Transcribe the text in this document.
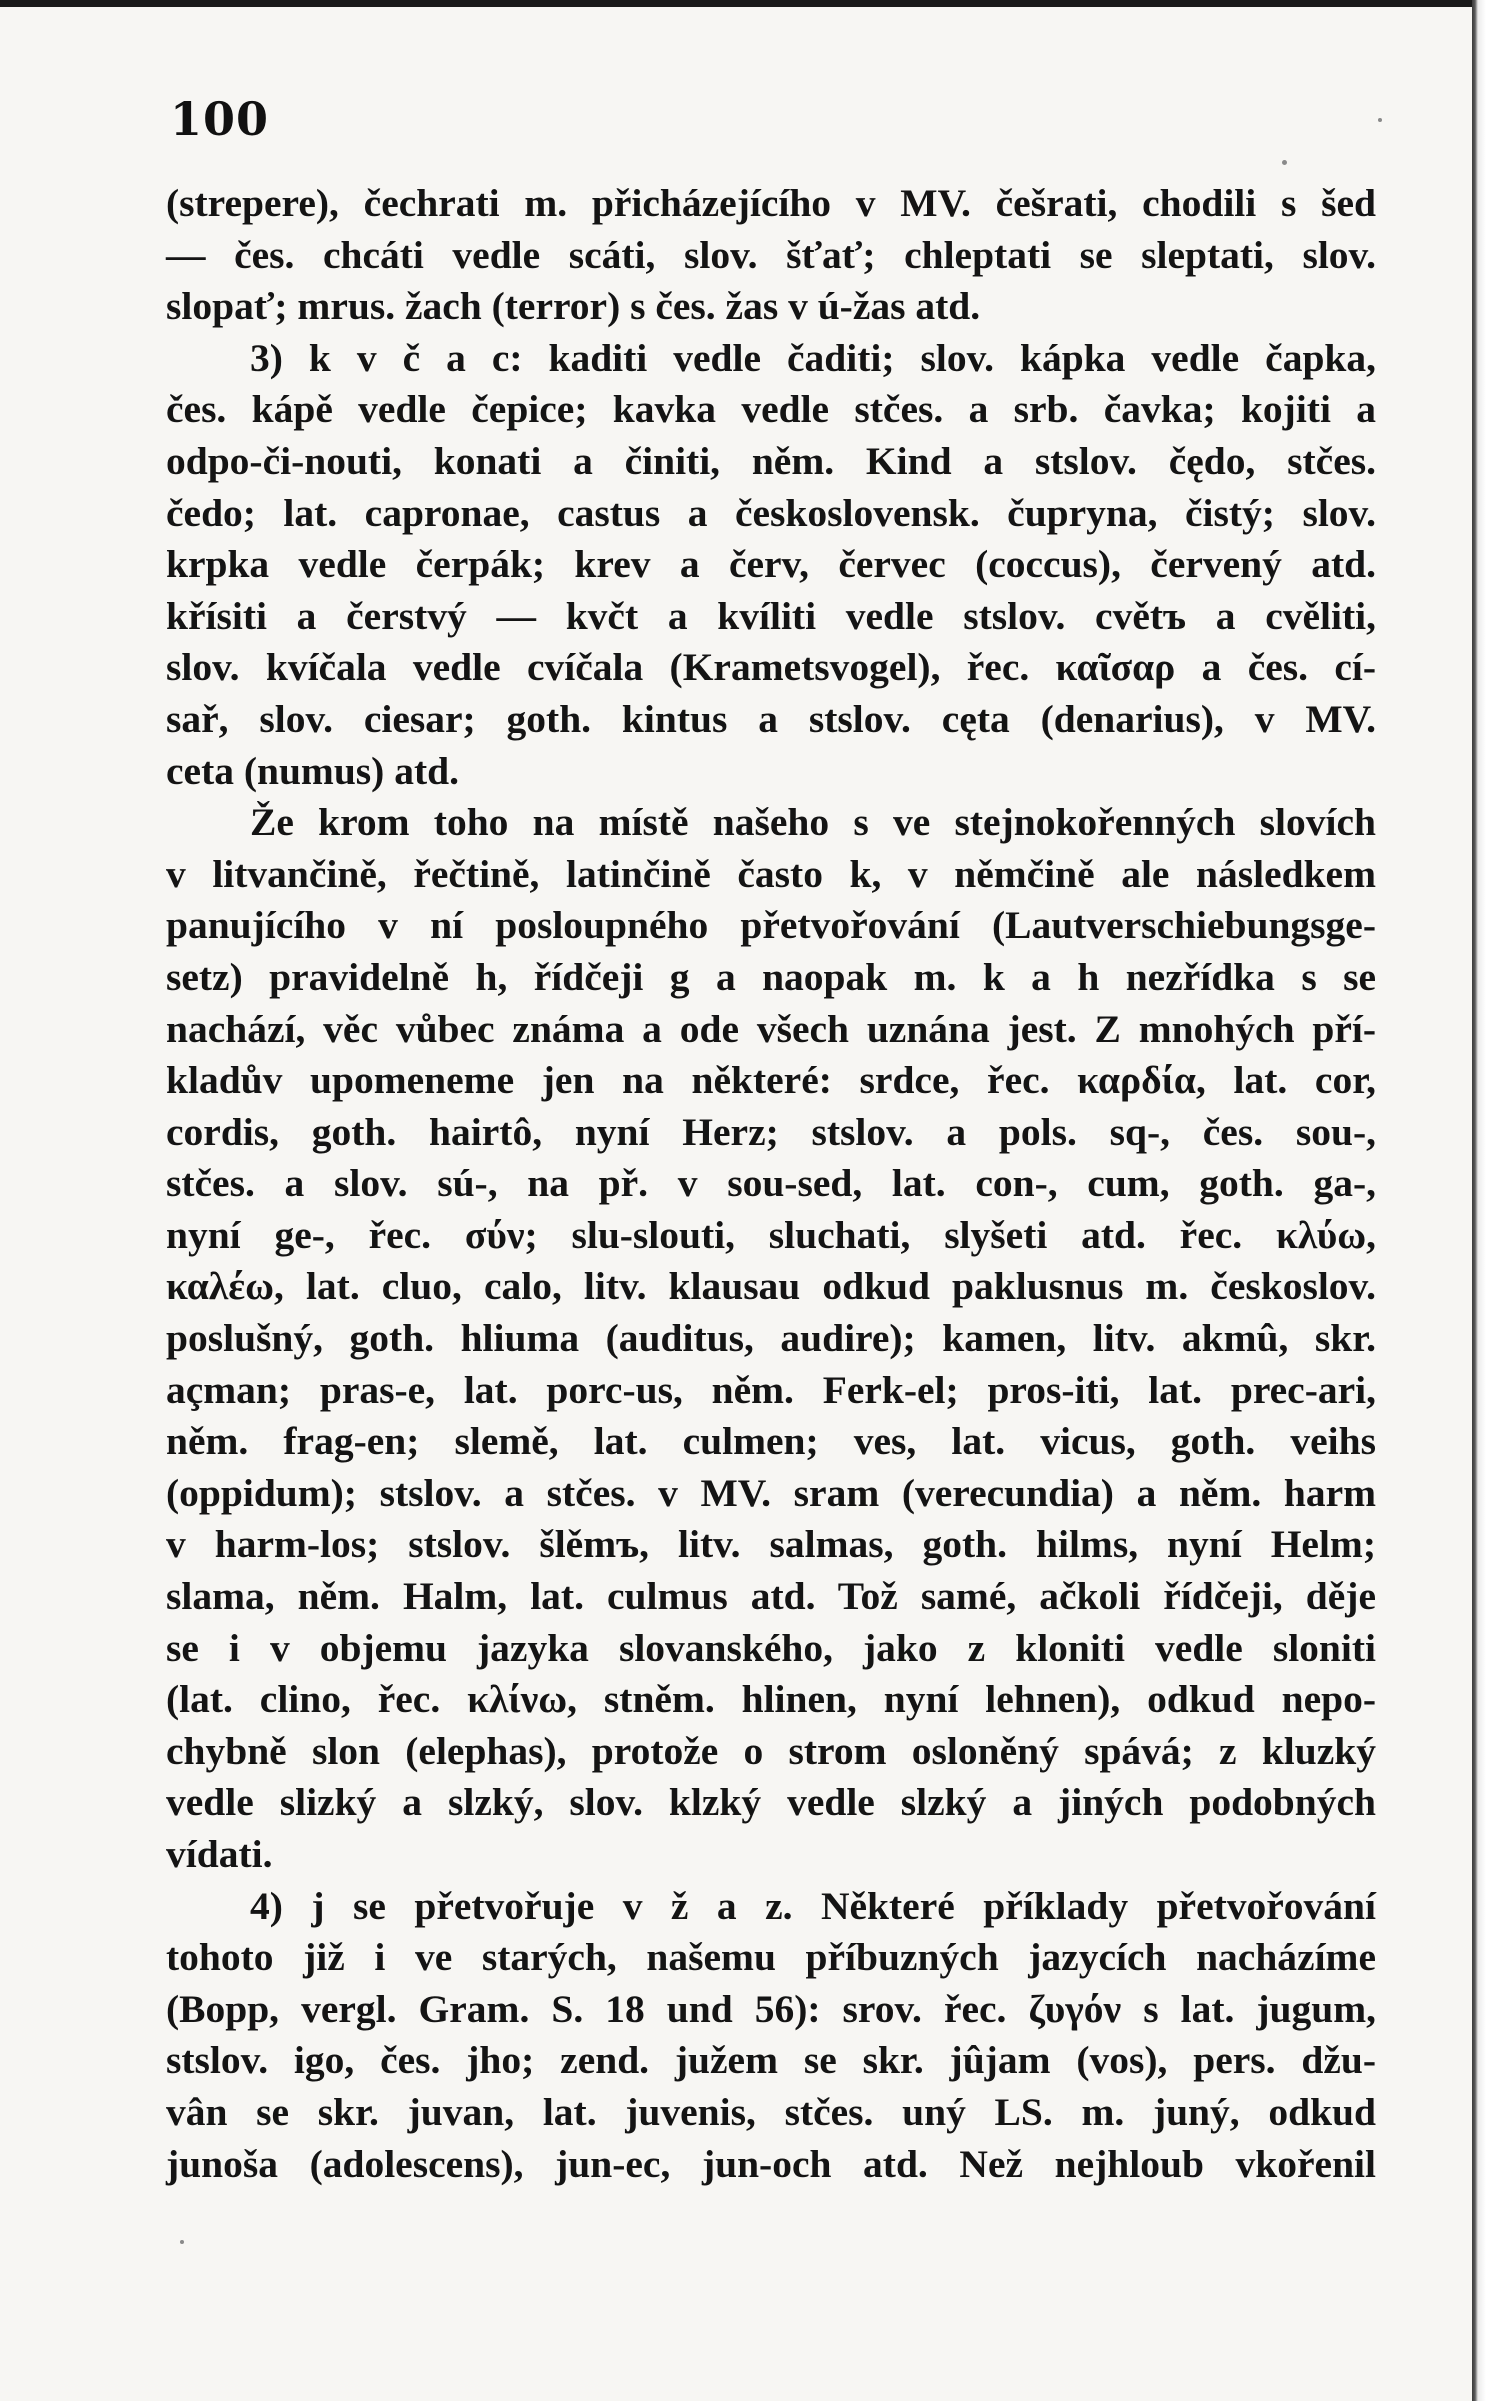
100
(strepere), čechrati m. přicházejícího v MV. češrati, chodili s šed
— čes. chcáti vedle scáti, slov. šťať; chleptati se sleptati, slov.
slopať; mrus. žach (terror) s čes. žas v ú-žas atd.
3) k v č a c: kaditi vedle čaditi; slov. kápka vedle čapka,
čes. kápě vedle čepice; kavka vedle stčes. a srb. čavka; kojiti a
odpo-či-nouti, konati a činiti, něm. Kind a stslov. čędo, stčes.
čedo; lat. capronae, castus a československ. čupryna, čistý; slov.
krpka vedle čerpák; krev a červ, červec (coccus), červený atd.
křísiti a čerstvý — kvčt a kvíliti vedle stslov. cvětъ a cvěliti,
slov. kvíčala vedle cvíčala (Krametsvogel), řec. καῖσαρ a čes. cí-
sař, slov. ciesar; goth. kintus a stslov. cęta (denarius), v MV.
ceta (numus) atd.
Že krom toho na místě našeho s ve stejnokořenných slovích
v litvančině, řečtině, latinčině často k, v němčině ale následkem
panujícího v ní posloupného přetvořování (Lautverschiebungsge-
setz) pravidelně h, řídčeji g a naopak m. k a h nezřídka s se
nachází, věc vůbec známa a ode všech uznána jest. Z mnohých pří-
kladův upomeneme jen na některé: srdce, řec. καρδία, lat. cor,
cordis, goth. hairtô, nyní Herz; stslov. a pols. sq-, čes. sou-,
stčes. a slov. sú-, na př. v sou-sed, lat. con-, cum, goth. ga-,
nyní ge-, řec. σύν; slu-slouti, sluchati, slyšeti atd. řec. κλύω,
καλέω, lat. cluo, calo, litv. klausau odkud paklusnus m. českoslov.
poslušný, goth. hliuma (auditus, audire); kamen, litv. akmû, skr.
açman; pras-e, lat. porc-us, něm. Ferk-el; pros-iti, lat. prec-ari,
něm. frag-en; slemě, lat. culmen; ves, lat. vicus, goth. veihs
(oppidum); stslov. a stčes. v MV. sram (verecundia) a něm. harm
v harm-los; stslov. šlěmъ, litv. salmas, goth. hilms, nyní Helm;
slama, něm. Halm, lat. culmus atd. Tož samé, ačkoli řídčeji, děje
se i v objemu jazyka slovanského, jako z kloniti vedle sloniti
(lat. clino, řec. κλίνω, stněm. hlinen, nyní lehnen), odkud nepo-
chybně slon (elephas), protože o strom osloněný spává; z kluzký
vedle slizký a slzký, slov. klzký vedle slzký a jiných podobných
vídati.
4) j se přetvořuje v ž a z. Některé příklady přetvořování
tohoto již i ve starých, našemu příbuzných jazycích nacházíme
(Bopp, vergl. Gram. S. 18 und 56): srov. řec. ζυγόν s lat. jugum,
stslov. igo, čes. jho; zend. južem se skr. jûjam (vos), pers. džu-
vân se skr. juvan, lat. juvenis, stčes. uný LS. m. juný, odkud
junoša (adolescens), jun-ec, jun-och atd. Než nejhloub vkořenil
